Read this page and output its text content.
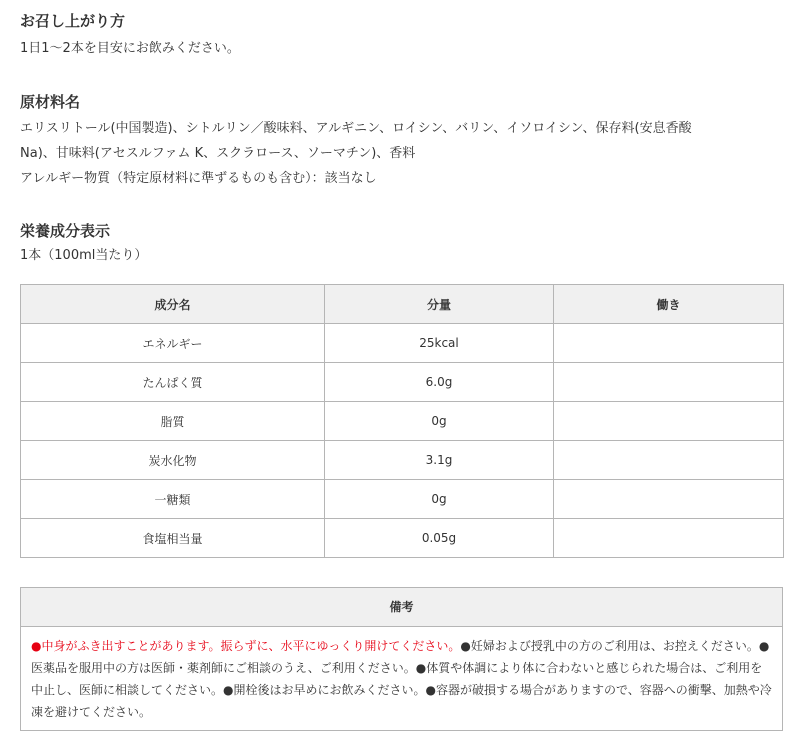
お召し上がり方

1日1～2本を目安にお飲みください。

原材料名

エリスリトール(中国製造)、シトルリン／酸味料、アルギニン、ロイシン、バリン、イソロイシン、保存料(安息香酸

Na)、甘味料(アセスルファム K、スクラロース、ソーマチン)、香料

アレルギー物質（特定原材料に準ずるものも含む）：該当なし

栄養成分表示

1本（100ml当たり）

成分名	分量	働き
エネルギー	25kcal	
たんぱく質	6.0g	
脂質	0g	
炭水化物	3.1g	
一糖類	0g	
食塩相当量	0.05g	
備考
●中身がふき出すことがあります。振らずに、水平にゆっくり開けてください。●妊婦および授乳中の方のご利用は、お控えください。●医薬品を服用中の方は医師・薬剤師にご相談のうえ、ご利用ください。●体質や体調により体に合わないと感じられた場合は、ご利用を中止し、医師に相談してください。●開栓後はお早めにお飲みください。●容器が破損する場合がありますので、容器への衝撃、加熱や冷凍を避けてください。
